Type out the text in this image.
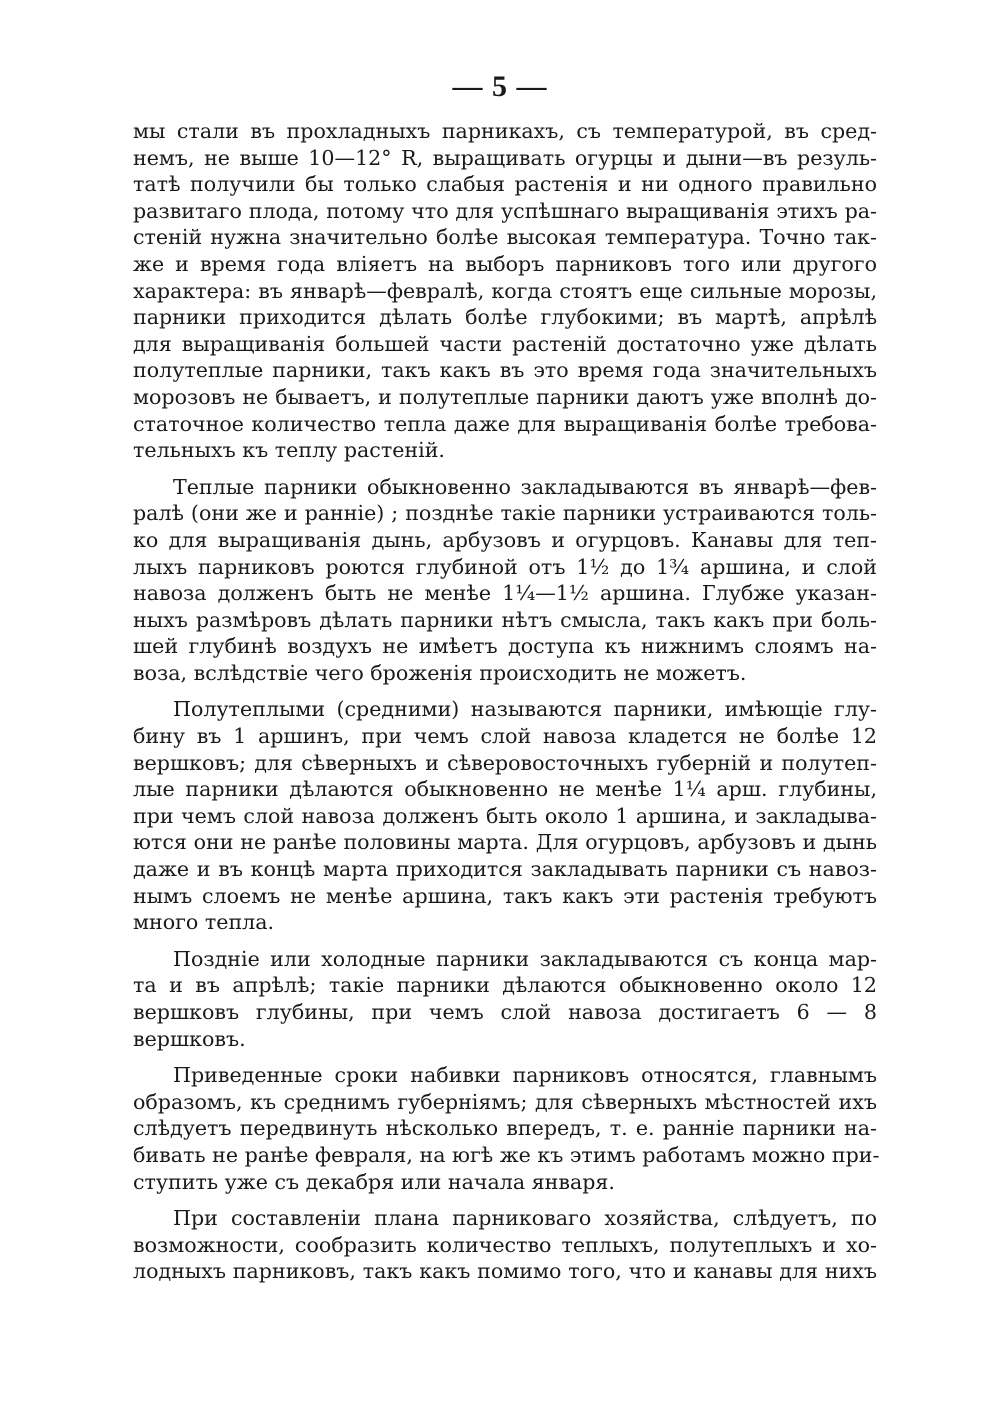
— 5 —
мы стали въ прохладныхъ парникахъ, съ температурой, въ сред-
немъ, не выше 10—12° R, выращивать огурцы и дыни—въ резуль-
татѣ получили бы только слабыя растенія и ни одного правильно
развитаго плода, потому что для успѣшнаго выращиванія этихъ ра-
стеній нужна значительно болѣе высокая температура. Точно так-
же и время года вліяетъ на выборъ парниковъ того или другого
характера: въ январѣ—февралѣ, когда стоятъ еще сильные морозы,
парники приходится дѣлать болѣе глубокими; въ мартѣ, апрѣлѣ
для выращиванія большей части растеній достаточно уже дѣлать
полутеплые парники, такъ какъ въ это время года значительныхъ
морозовъ не бываетъ, и полутеплые парники даютъ уже вполнѣ до-
статочное количество тепла даже для выращиванія болѣе требова-
тельныхъ къ теплу растеній.
Теплые парники обыкновенно закладываются въ январѣ—фев-
ралѣ (они же и ранніе) ; позднѣе такіе парники устраиваются толь-
ко для выращиванія дынь, арбузовъ и огурцовъ. Канавы для теп-
лыхъ парниковъ роются глубиной отъ 1½ до 1¾ аршина, и слой
навоза долженъ быть не менѣе 1¼—1½ аршина. Глубже указан-
ныхъ размѣровъ дѣлать парники нѣтъ смысла, такъ какъ при боль-
шей глубинѣ воздухъ не имѣетъ доступа къ нижнимъ слоямъ на-
воза, вслѣдствіе чего броженія происходить не можетъ.
Полутеплыми (средними) называются парники, имѣющіе глу-
бину въ 1 аршинъ, при чемъ слой навоза кладется не болѣе 12
вершковъ; для сѣверныхъ и сѣверовосточныхъ губерній и полутеп-
лые парники дѣлаются обыкновенно не менѣе 1¼ арш. глубины,
при чемъ слой навоза долженъ быть около 1 аршина, и закладыва-
ются они не ранѣе половины марта. Для огурцовъ, арбузовъ и дынь
даже и въ концѣ марта приходится закладывать парники съ навоз-
нымъ слоемъ не менѣе аршина, такъ какъ эти растенія требуютъ
много тепла.
Поздніе или холодные парники закладываются съ конца мар-
та и въ апрѣлѣ; такіе парники дѣлаются обыкновенно около 12
вершковъ глубины, при чемъ слой навоза достигаетъ 6 — 8
вершковъ.
Приведенные сроки набивки парниковъ относятся, главнымъ
образомъ, къ среднимъ губерніямъ; для сѣверныхъ мѣстностей ихъ
слѣдуетъ передвинуть нѣсколько впередъ, т. е. ранніе парники на-
бивать не ранѣе февраля, на югѣ же къ этимъ работамъ можно при-
ступить уже съ декабря или начала января.
При составленіи плана парниковаго хозяйства, слѣдуетъ, по
возможности, сообразить количество теплыхъ, полутеплыхъ и хо-
лодныхъ парниковъ, такъ какъ помимо того, что и канавы для нихъ
